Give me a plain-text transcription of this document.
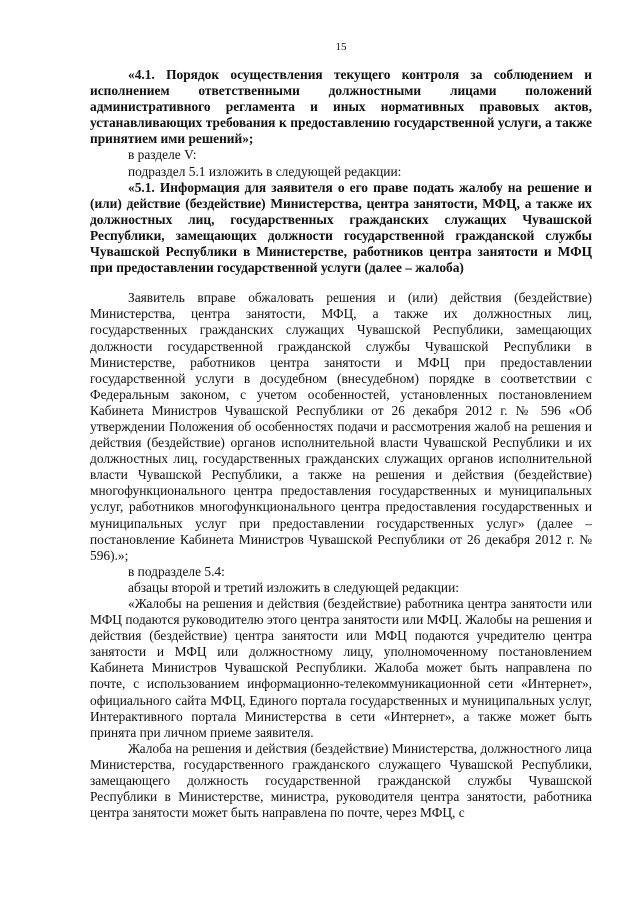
15

«4.1. Порядок осуществления текущего контроля за соблюдением и исполнением ответственными должностными лицами положений административного регламента и иных нормативных правовых актов, устанавливающих требования к предоставлению государственной услуги, а также принятием ими решений»;

в разделе V:

подраздел 5.1 изложить в следующей редакции:

«5.1. Информация для заявителя о его праве подать жалобу на решение и (или) действие (бездействие) Министерства, центра занятости, МФЦ, а также их должностных лиц, государственных гражданских служащих Чувашской Республики, замещающих должности государственной гражданской службы Чувашской Республики в Министерстве, работников центра занятости и МФЦ при предоставлении государственной услуги (далее – жалоба)

Заявитель вправе обжаловать решения и (или) действия (бездействие) Министерства, центра занятости, МФЦ, а также их должностных лиц, государственных гражданских служащих Чувашской Республики, замещающих должности государственной гражданской службы Чувашской Республики в Министерстве, работников центра занятости и МФЦ при предоставлении государственной услуги в досудебном (внесудебном) порядке в соответствии с Федеральным законом, с учетом особенностей, установленных постановлением Кабинета Министров Чувашской Республики от 26 декабря 2012 г. № 596 «Об утверждении Положения об особенностях подачи и рассмотрения жалоб на решения и действия (бездействие) органов исполнительной власти Чувашской Республики и их должностных лиц, государственных гражданских служащих органов исполнительной власти Чувашской Республики, а также на решения и действия (бездействие) многофункционального центра предоставления государственных и муниципальных услуг, работников многофункционального центра предоставления государственных и муниципальных услуг при предоставлении государственных услуг» (далее – постановление Кабинета Министров Чувашской Республики от 26 декабря 2012 г. № 596).»;

в подразделе 5.4:

абзацы второй и третий изложить в следующей редакции:

«Жалобы на решения и действия (бездействие) работника центра занятости или МФЦ подаются руководителю этого центра занятости или МФЦ. Жалобы на решения и действия (бездействие) центра занятости или МФЦ подаются учредителю центра занятости и МФЦ или должностному лицу, уполномоченному постановлением Кабинета Министров Чувашской Республики. Жалоба может быть направлена по почте, с использованием информационно-телекоммуникационной сети «Интернет», официального сайта МФЦ, Единого портала государственных и муниципальных услуг, Интерактивного портала Министерства в сети «Интернет», а также может быть принята при личном приеме заявителя.

Жалоба на решения и действия (бездействие) Министерства, должностного лица Министерства, государственного гражданского служащего Чувашской Республики, замещающего должность государственной гражданской службы Чувашской Республики в Министерстве, министра, руководителя центра занятости, работника центра занятости может быть направлена по почте, через МФЦ, с
